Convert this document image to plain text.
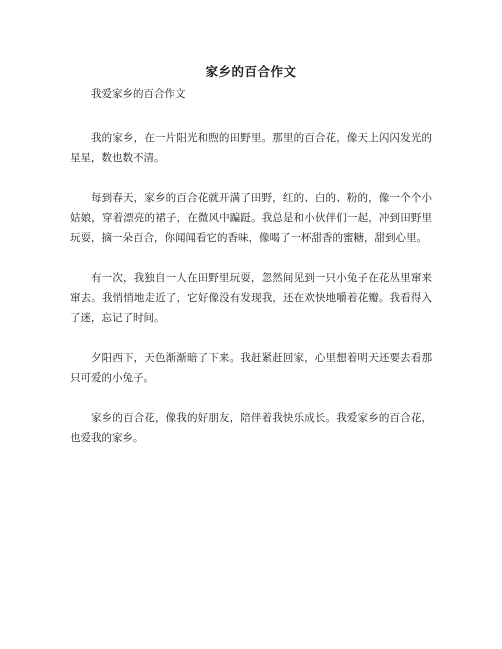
家乡的百合作文
我爱家乡的百合作文

我的家乡，在一片阳光和煦的田野里。那里的百合花，像天上闪闪发光的星星，数也数不清。

每到春天，家乡的百合花就开满了田野，红的、白的、粉的，像一个个小姑娘，穿着漂亮的裙子，在微风中蹁跹。我总是和小伙伴们一起，冲到田野里玩耍，摘一朵百合，你闻闻看它的香味，像喝了一杯甜香的蜜糖，甜到心里。

有一次，我独自一人在田野里玩耍，忽然间见到一只小兔子在花丛里窜来窜去。我悄悄地走近了，它好像没有发现我，还在欢快地嚼着花瓣。我看得入了迷，忘记了时间。

夕阳西下，天色渐渐暗了下来。我赶紧赶回家，心里想着明天还要去看那只可爱的小兔子。

家乡的百合花，像我的好朋友，陪伴着我快乐成长。我爱家乡的百合花，也爱我的家乡。
